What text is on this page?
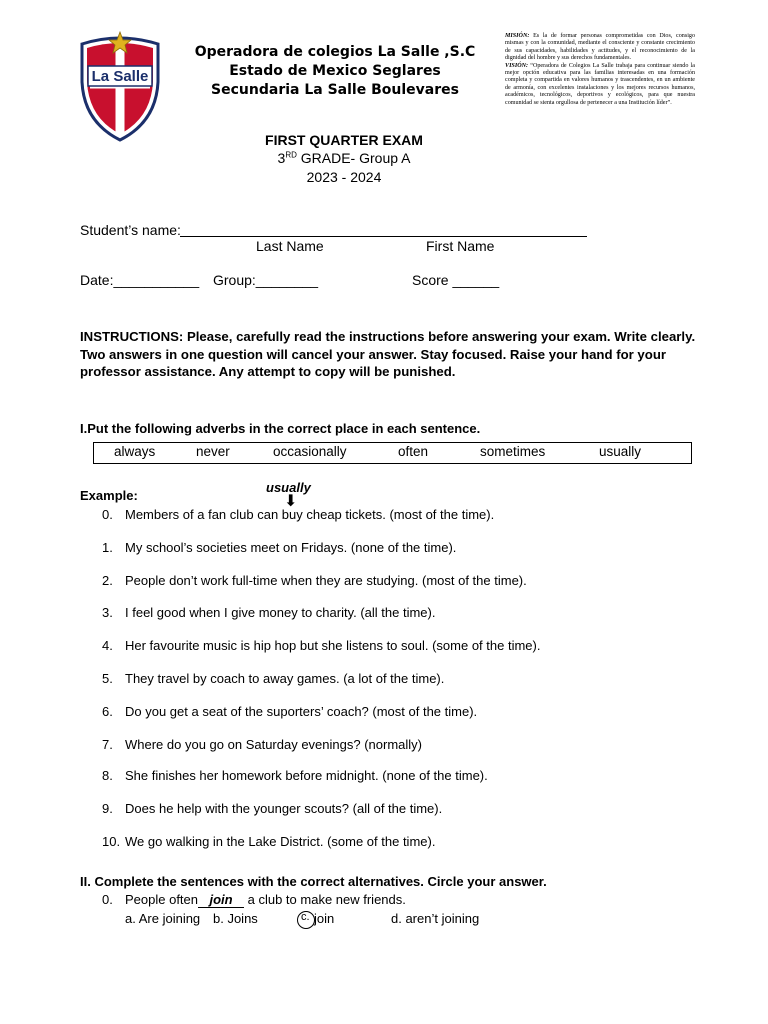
La Salle
Operadora de colegios La Salle ,S.C
Estado de Mexico Seglares
Secundaria La Salle Boulevares
MISIÓN: Es la de formar personas comprometidas con Dios, consigo mismas y con la comunidad, mediante el consciente y constante crecimiento de sus capacidades, habilidades y actitudes, y el reconocimiento de la dignidad del hombre y sus derechos fundamentales.
VISIÓN: “Operadora de Colegios La Salle trabaja para continuar siendo la mejor opción educativa para las familias interesadas en una formación completa y compartida en valores humanos y trascendentes, en un ambiente de armonía, con excelentes instalaciones y los mejores recursos humanos, académicos, tecnológicos, deportivos y ecológicos, para que nuestra comunidad se sienta orgullosa de pertenecer a una Institución líder”.
FIRST QUARTER EXAM
3RD GRADE- Group A
2023 - 2024
Student’s name:
Last Name	First Name
Date:___________ Group:________	Score ______
INSTRUCTIONS: Please, carefully read the instructions before answering your exam. Write clearly. Two answers in one question will cancel your answer. Stay focused. Raise your hand for your professor assistance. Any attempt to copy will be punished.
I.Put the following adverbs in the correct place in each sentence.
always	never	occasionally	often	sometimes	usually
Example:
usually
⬇
0. Members of a fan club can buy cheap tickets. (most of the time).
1. My school’s societies meet on Fridays. (none of the time).
2. People don’t work full-time when they are studying. (most of the time).
3. I feel good when I give money to charity. (all the time).
4. Her favourite music is hip hop but she listens to soul. (some of the time).
5. They travel by coach to away games. (a lot of the time).
6. Do you get a seat of the suporters’ coach? (most of the time).
7. Where do you go on Saturday evenings? (normally)
8. She finishes her homework before midnight. (none of the time).
9. Does he help with the younger scouts? (all of the time).
10. We go walking in the Lake District. (some of the time).
II. Complete the sentences with the correct alternatives. Circle your answer.
0. People often join a club to make new friends.
a. Are joining b. Joins	c. join	d. aren’t joining
